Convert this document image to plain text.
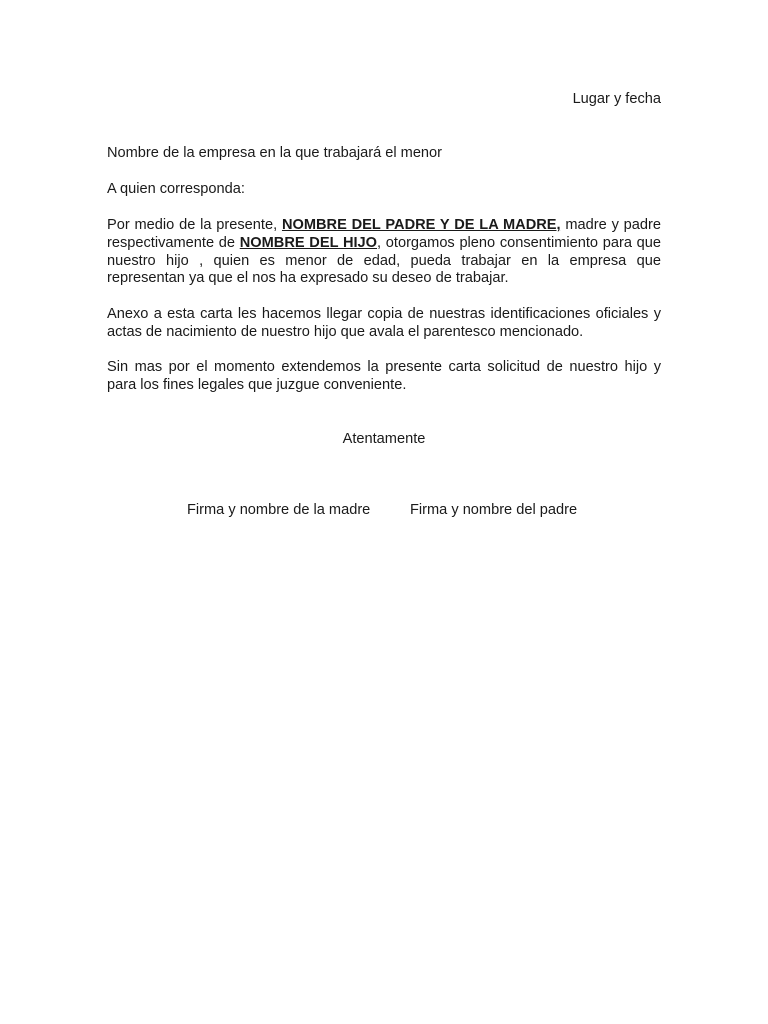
Lugar y fecha
Nombre de la empresa en la que trabajará el menor
A quien corresponda:

Por medio de la presente, NOMBRE DEL PADRE Y DE LA MADRE, madre y padre respectivamente de NOMBRE DEL HIJO, otorgamos pleno consentimiento para que nuestro hijo , quien es menor de edad, pueda trabajar en la empresa que representan ya que el nos ha expresado su deseo de trabajar.

Anexo a esta carta les hacemos llegar copia de nuestras identificaciones oficiales y actas de nacimiento de nuestro hijo que avala el parentesco mencionado.

Sin mas por el momento extendemos la presente carta solicitud de nuestro hijo y para los fines legales que juzgue conveniente.

Atentamente
Firma y nombre de la madre	Firma y nombre del padre
